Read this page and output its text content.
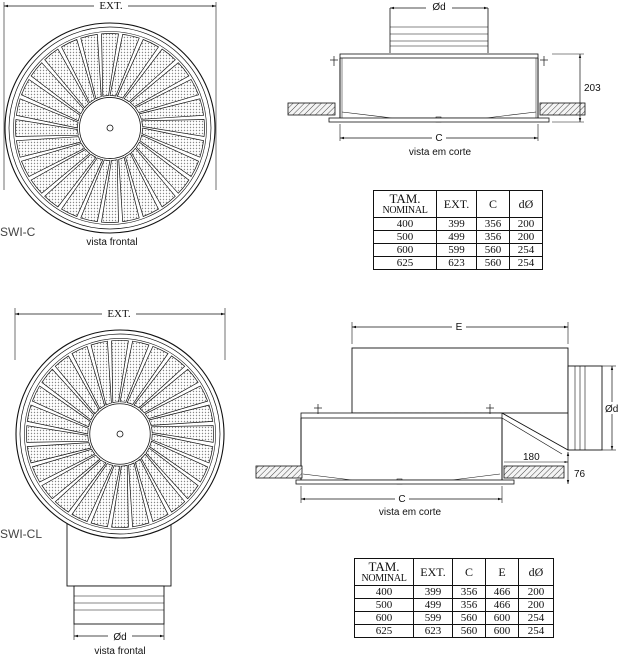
EXT.
SWI-C
vista frontal
Ød
203
C
vista em corte
EXT.
Ød
SWI-CL
vista frontal
E
Ød
180
76
C
vista em corte
TAM.
NOMINAL	EXT.	C	dØ
400	399	356	200
500	499	356	200
600	599	560	254
625	623	560	254
TAM.
NOMINAL	EXT.	C	E	dØ
400	399	356	466	200
500	499	356	466	200
600	599	560	600	254
625	623	560	600	254
